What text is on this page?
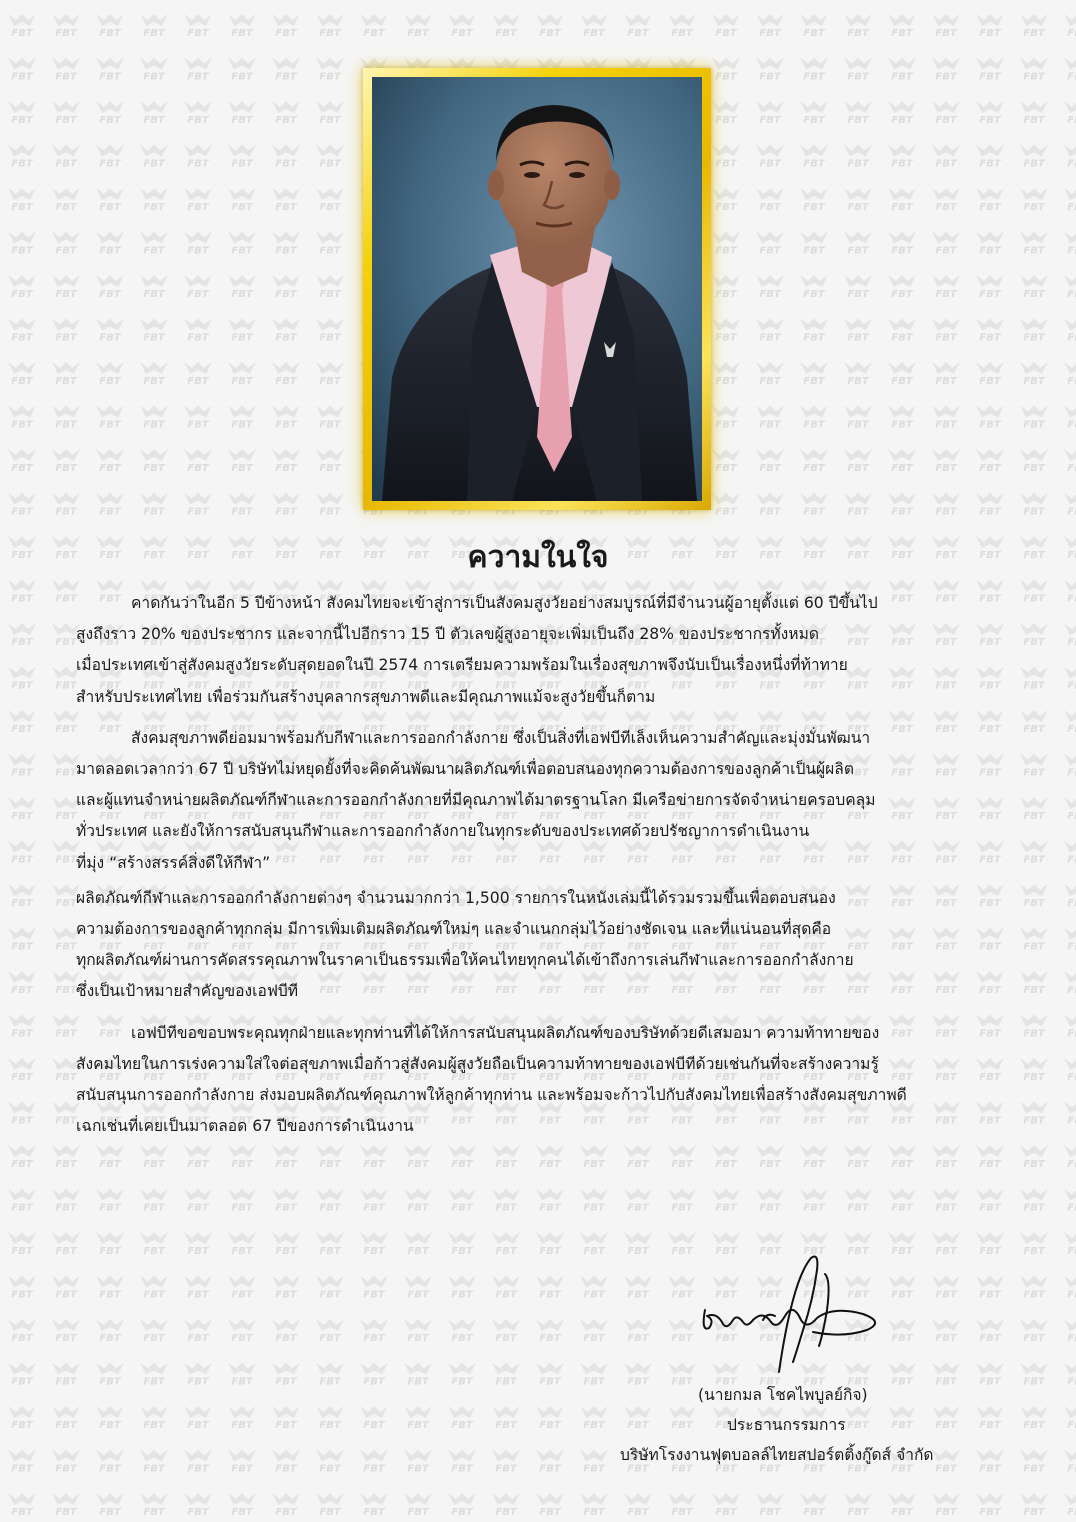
ความในใจ
คาดกันว่าในอีก 5 ปีข้างหน้า สังคมไทยจะเข้าสู่การเป็นสังคมสูงวัยอย่างสมบูรณ์ที่มีจำนวนผู้อายุตั้งแต่ 60 ปีขึ้นไป
สูงถึงราว 20% ของประชากร และจากนี้ไปอีกราว 15 ปี ตัวเลขผู้สูงอายุจะเพิ่มเป็นถึง 28% ของประชากรทั้งหมด
เมื่อประเทศเข้าสู่สังคมสูงวัยระดับสุดยอดในปี 2574 การเตรียมความพร้อมในเรื่องสุขภาพจึงนับเป็นเรื่องหนึ่งที่ท้าทาย
สำหรับประเทศไทย เพื่อร่วมกันสร้างบุคลากรสุขภาพดีและมีคุณภาพแม้จะสูงวัยขึ้นก็ตาม
สังคมสุขภาพดีย่อมมาพร้อมกับกีฬาและการออกกำลังกาย ซึ่งเป็นสิ่งที่เอฟบีทีเล็งเห็นความสำคัญและมุ่งมั่นพัฒนา
มาตลอดเวลากว่า 67 ปี บริษัทไม่หยุดยั้งที่จะคิดค้นพัฒนาผลิตภัณฑ์เพื่อตอบสนองทุกความต้องการของลูกค้าเป็นผู้ผลิต
และผู้แทนจำหน่ายผลิตภัณฑ์กีฬาและการออกกำลังกายที่มีคุณภาพได้มาตรฐานโลก มีเครือข่ายการจัดจำหน่ายครอบคลุม
ทั่วประเทศ และยังให้การสนับสนุนกีฬาและการออกกำลังกายในทุกระดับของประเทศด้วยปรัชญาการดำเนินงาน
ที่มุ่ง “สร้างสรรค์สิ่งดีให้กีฬา”
ผลิตภัณฑ์กีฬาและการออกกำลังกายต่างๆ จำนวนมากกว่า 1,500 รายการในหนังเล่มนี้ได้รวมรวมขึ้นเพื่อตอบสนอง
ความต้องการของลูกค้าทุกกลุ่ม มีการเพิ่มเติมผลิตภัณฑ์ใหม่ๆ และจำแนกกลุ่มไว้อย่างชัดเจน และที่แน่นอนที่สุดคือ
ทุกผลิตภัณฑ์ผ่านการคัดสรรคุณภาพในราคาเป็นธรรมเพื่อให้คนไทยทุกคนได้เข้าถึงการเล่นกีฬาและการออกกำลังกาย
ซึ่งเป็นเป้าหมายสำคัญของเอฟบีที
เอฟบีทีขอขอบพระคุณทุกฝ่ายและทุกท่านที่ได้ให้การสนับสนุนผลิตภัณฑ์ของบริษัทด้วยดีเสมอมา ความท้าทายของ
สังคมไทยในการเร่งความใส่ใจต่อสุขภาพเมื่อก้าวสู่สังคมผู้สูงวัยถือเป็นความท้าทายของเอฟบีทีด้วยเช่นกันที่จะสร้างความรู้
สนับสนุนการออกกำลังกาย ส่งมอบผลิตภัณฑ์คุณภาพให้ลูกค้าทุกท่าน และพร้อมจะก้าวไปกับสังคมไทยเพื่อสร้างสังคมสุขภาพดี
เฉกเช่นที่เคยเป็นมาตลอด 67 ปีของการดำเนินงาน
(นายกมล โชคไพบูลย์กิจ)
ประธานกรรมการ
บริษัทโรงงานฟุตบอลล์ไทยสปอร์ตติ้งกู๊ดส์ จำกัด
